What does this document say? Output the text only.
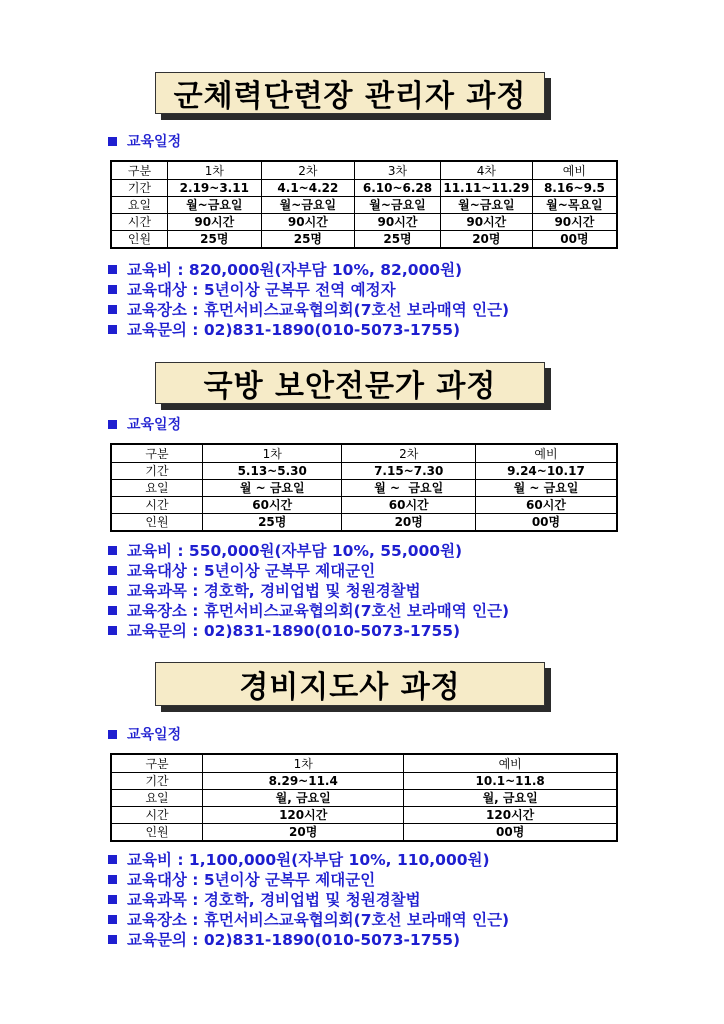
군체력단련장 관리자 과정
교육일정
구분	1차	2차	3차	4차	예비
기간	2.19~3.11	4.1~4.22	6.10~6.28	11.11~11.29	8.16~9.5
요일	월~금요일	월~금요일	월~금요일	월~금요일	월~목요일
시간	90시간	90시간	90시간	90시간	90시간
인원	25명	25명	25명	20명	00명
교육비 : 820,000원(자부담 10%, 82,000원)
교육대상 : 5년이상 군복무 전역 예정자
교육장소 : 휴먼서비스교육협의회(7호선 보라매역 인근)
교육문의 : 02)831-1890(010-5073-1755)
국방 보안전문가 과정
교육일정
구분	1차	2차	예비
기간	5.13~5.30	7.15~7.30	9.24~10.17
요일	월 ~ 금요일	월 ~  금요일	월 ~ 금요일
시간	60시간	60시간	60시간
인원	25명	20명	00명
교육비 : 550,000원(자부담 10%, 55,000원)
교육대상 : 5년이상 군복무 제대군인
교육과목 : 경호학, 경비업법 및 청원경찰법
교육장소 : 휴먼서비스교육협의회(7호선 보라매역 인근)
교육문의 : 02)831-1890(010-5073-1755)
경비지도사 과정
교육일정
구분	1차	예비
기간	8.29~11.4	10.1~11.8
요일	월, 금요일	월, 금요일
시간	120시간	120시간
인원	20명	00명
교육비 : 1,100,000원(자부담 10%, 110,000원)
교육대상 : 5년이상 군복무 제대군인
교육과목 : 경호학, 경비업법 및 청원경찰법
교육장소 : 휴먼서비스교육협의회(7호선 보라매역 인근)
교육문의 : 02)831-1890(010-5073-1755)
